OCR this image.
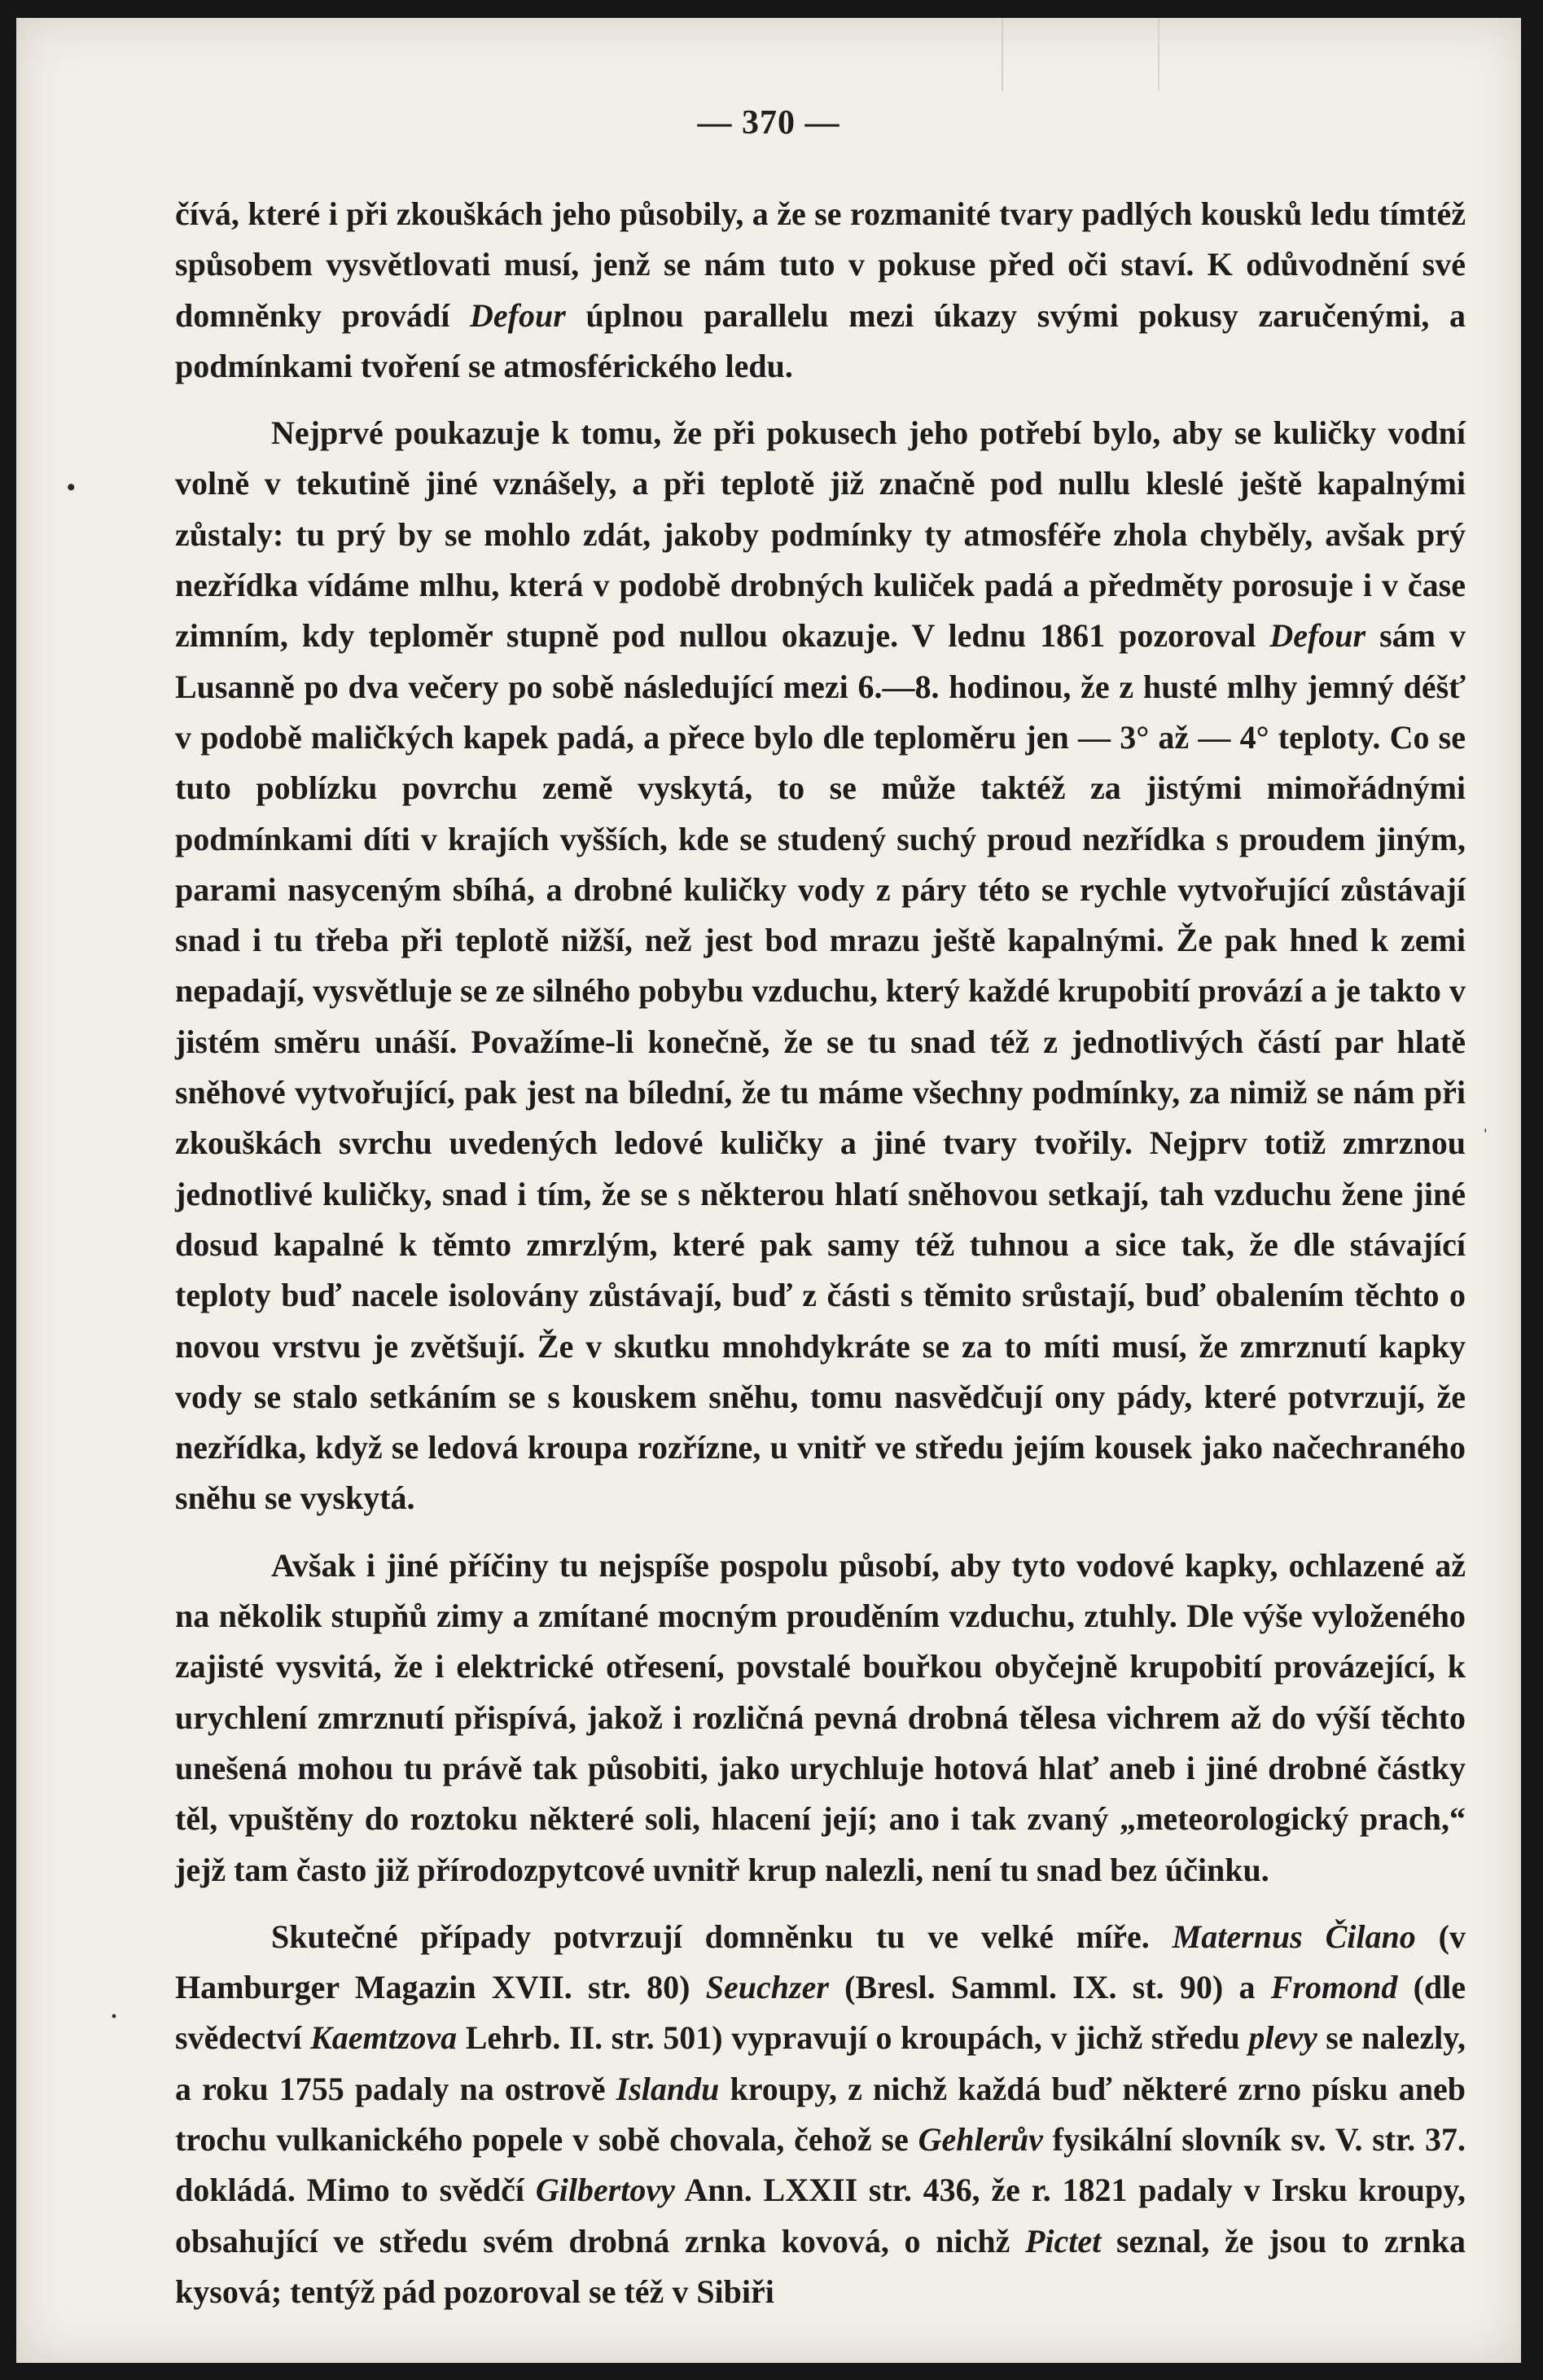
— 370 —

čívá, které i při zkouškách jeho působily, a že se rozmanité tvary padlých kousků ledu tímtéž spůsobem vysvětlovati musí, jenž se nám tuto v pokuse před oči staví. K odůvodnění své domněnky provádí Defour úplnou parallelu mezi úkazy svými pokusy zaručenými, a podmínkami tvoření se atmosférického ledu.

Nejprvé poukazuje k tomu, že při pokusech jeho potřebí bylo, aby se kuličky vodní volně v tekutině jiné vznášely, a při teplotě již značně pod nullu kleslé ještě kapalnými zůstaly: tu prý by se mohlo zdát, jakoby podmínky ty atmosféře zhola chyběly, avšak prý nezřídka vídáme mlhu, která v podobě drobných kuliček padá a předměty porosuje i v čase zimním, kdy teploměr stupně pod nullou okazuje. V lednu 1861 pozoroval Defour sám v Lusanně po dva večery po sobě následující mezi 6.—8. hodinou, že z husté mlhy jemný déšť v podobě maličkých kapek padá, a přece bylo dle teploměru jen — 3° až — 4° teploty. Co se tuto poblízku povrchu země vyskytá, to se může taktéž za jistými mimořádnými podmínkami díti v krajích vyšších, kde se studený suchý proud nezřídka s proudem jiným, parami nasyceným sbíhá, a drobné kuličky vody z páry této se rychle vytvořující zůstávají snad i tu třeba při teplotě nižší, než jest bod mrazu ještě kapalnými. Že pak hned k zemi nepadají, vysvětluje se ze silného pobybu vzduchu, který každé krupobití provází a je takto v jistém směru unáší. Považíme-li konečně, že se tu snad též z jednotlivých částí par hlatě sněhové vytvořující, pak jest na bílední, že tu máme všechny podmínky, za nimiž se nám při zkouškách svrchu uvedených ledové kuličky a jiné tvary tvořily. Nejprv totiž zmrznou jednotlivé kuličky, snad i tím, že se s některou hlatí sněhovou setkají, tah vzduchu žene jiné dosud kapalné k těmto zmrzlým, které pak samy též tuhnou a sice tak, že dle stávající teploty buď nacele isolovány zůstávají, buď z části s těmito srůstají, buď obalením těchto o novou vrstvu je zvětšují. Že v skutku mnohdykráte se za to míti musí, že zmrznutí kapky vody se stalo setkáním se s kouskem sněhu, tomu nasvědčují ony pády, které potvrzují, že nezřídka, když se ledová kroupa rozřízne, u vnitř ve středu jejím kousek jako načechraného sněhu se vyskytá.

Avšak i jiné příčiny tu nejspíše pospolu působí, aby tyto vodové kapky, ochlazené až na několik stupňů zimy a zmítané mocným prouděním vzduchu, ztuhly. Dle výše vyloženého zajisté vysvitá, že i elektrické otřesení, povstalé bouřkou obyčejně krupobití provázející, k urychlení zmrznutí přispívá, jakož i rozličná pevná drobná tělesa vichrem až do výší těchto unešená mohou tu právě tak působiti, jako urychluje hotová hlať aneb i jiné drobné částky těl, vpuštěny do roztoku některé soli, hlacení její; ano i tak zvaný „meteorologický prach,“ jejž tam často již přírodozpytcové uvnitř krup nalezli, není tu snad bez účinku.

Skutečné případy potvrzují domněnku tu ve velké míře. Maternus Čilano (v Hamburger Magazin XVII. str. 80) Seuchzer (Bresl. Samml. IX. st. 90) a Fromond (dle svědectví Kaemtzova Lehrb. II. str. 501) vypravují o kroupách, v jichž středu plevy se nalezly, a roku 1755 padaly na ostrově Islandu kroupy, z nichž každá buď některé zrno písku aneb trochu vulkanického popele v sobě chovala, čehož se Gehlerův fysikální slovník sv. V. str. 37. dokládá. Mimo to svědčí Gilbertovy Ann. LXXII str. 436, že r. 1821 padaly v Irsku kroupy, obsahující ve středu svém drobná zrnka kovová, o nichž Pictet seznal, že jsou to zrnka kysová; tentýž pád pozoroval se též v Sibiři

•
ˈ
·
